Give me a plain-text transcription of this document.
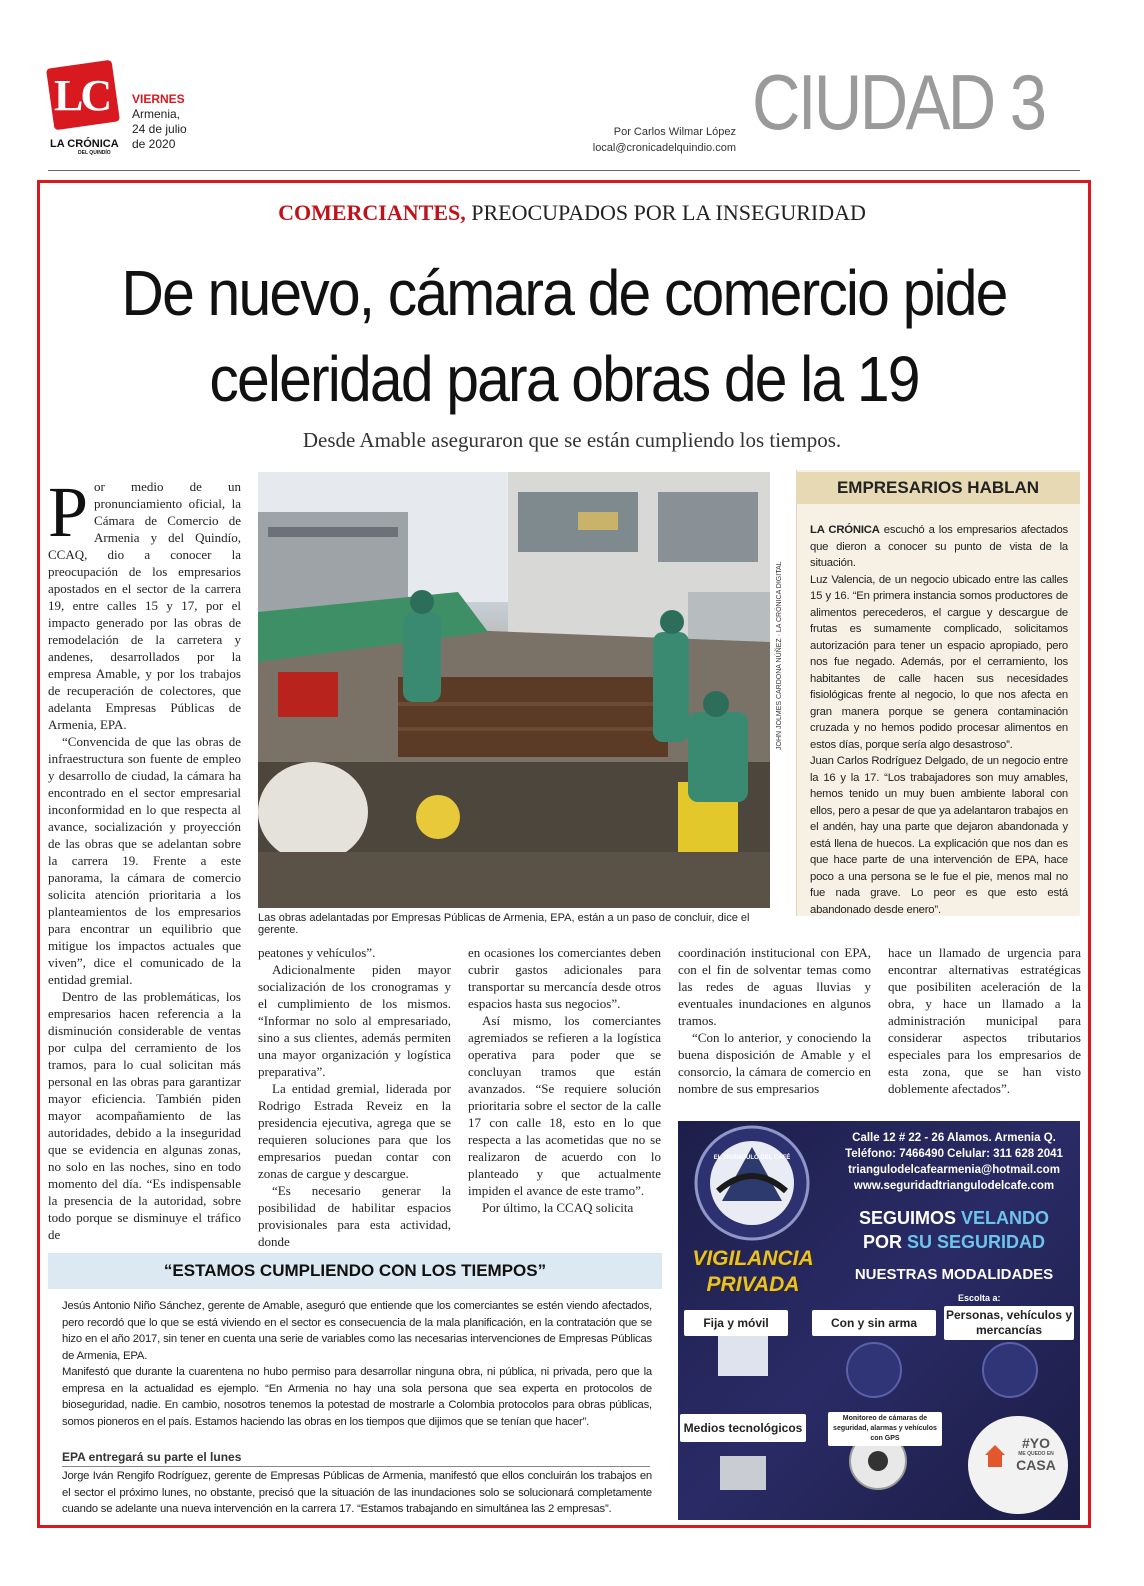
LC
LA CRÓNICA
DEL QUINDÍO
VIERNES
Armenia,
24 de julio
de 2020
Por Carlos Wilmar López
local@cronicadelquindio.com
CIUDAD 3
COMERCIANTES, PREOCUPADOS POR LA INSEGURIDAD
De nuevo, cámara de comercio pide
celeridad para obras de la 19
Desde Amable aseguraron que se están cumpliendo los tiempos.

Por medio de un pronunciamiento oficial, la Cámara de Comercio de Armenia y del Quindío, CCAQ, dio a conocer la preocupación de los empresarios apostados en el sector de la carrera 19, entre calles 15 y 17, por el impacto generado por las obras de remodelación de la carretera y andenes, desarrollados por la empresa Amable, y por los trabajos de recuperación de colectores, que adelanta Empresas Públicas de Armenia, EPA.

“Convencida de que las obras de infraestructura son fuente de empleo y desarrollo de ciudad, la cámara ha encontrado en el sector empresarial inconformidad en lo que respecta al avance, socialización y proyección de las obras que se adelantan sobre la carrera 19. Frente a este panorama, la cámara de comercio solicita atención prioritaria a los planteamientos de los empresarios para encontrar un equilibrio que mitigue los impactos actuales que viven”, dice el comunicado de la entidad gremial.

Dentro de las problemáticas, los empresarios hacen referencia a la disminución considerable de ventas por culpa del cerramiento de los tramos, para lo cual solicitan más personal en las obras para garantizar mayor eficiencia. También piden mayor acompañamiento de las autoridades, debido a la inseguridad que se evidencia en algunas zonas, no solo en las noches, sino en todo momento del día. “Es indispensable la presencia de la autoridad, sobre todo porque se disminuye el tráfico de

JOHN JOLMES CARDONA NÚÑEZ · LA CRÓNICA DIGITAL
Las obras adelantadas por Empresas Públicas de Armenia, EPA, están a un paso de concluir, dice el gerente.
EMPRESARIOS HABLAN

LA CRÓNICA escuchó a los empresarios afectados que dieron a conocer su punto de vista de la situación.

Luz Valencia, de un negocio ubicado entre las calles 15 y 16. “En primera instancia somos productores de alimentos perecederos, el cargue y descargue de frutas es sumamente complicado, solicitamos autorización para tener un espacio apropiado, pero nos fue negado. Además, por el cerramiento, los habitantes de calle hacen sus necesidades fisiológicas frente al negocio, lo que nos afecta en gran manera porque se genera contaminación cruzada y no hemos podido procesar alimentos en estos días, porque sería algo desastroso”.

Juan Carlos Rodríguez Delgado, de un negocio entre la 16 y la 17. “Los trabajadores son muy amables, hemos tenido un muy buen ambiente laboral con ellos, pero a pesar de que ya adelantaron trabajos en el andén, hay una parte que dejaron abandonada y está llena de huecos. La explicación que nos dan es que hace parte de una intervención de EPA, hace poco a una persona se le fue el pie, menos mal no fue nada grave. Lo peor es que esto está abandonado desde enero”.

peatones y vehículos”.

Adicionalmente piden mayor socialización de los cronogramas y el cumplimiento de los mismos. “Informar no solo al empresariado, sino a sus clientes, además permiten una mayor organización y logística preparativa”.

La entidad gremial, liderada por Rodrigo Estrada Reveiz en la presidencia ejecutiva, agrega que se requieren soluciones para que los empresarios puedan contar con zonas de cargue y descargue.

“Es necesario generar la posibilidad de habilitar espacios provisionales para esta actividad, donde

en ocasiones los comerciantes deben cubrir gastos adicionales para transportar su mercancía desde otros espacios hasta sus negocios”.

Así mismo, los comerciantes agremiados se refieren a la logística operativa para poder que se concluyan tramos que están avanzados. “Se requiere solución prioritaria sobre el sector de la calle 17 con calle 18, esto en lo que respecta a las acometidas que no se realizaron de acuerdo con lo planteado y que actualmente impiden el avance de este tramo”.

Por último, la CCAQ solicita

coordinación institucional con EPA, con el fin de solventar temas como las redes de aguas lluvias y eventuales inundaciones en algunos tramos.

“Con lo anterior, y conociendo la buena disposición de Amable y el consorcio, la cámara de comercio en nombre de sus empresarios

hace un llamado de urgencia para encontrar alternativas estratégicas que posibiliten aceleración de la obra, y hace un llamado a la administración municipal para considerar aspectos tributarios especiales para los empresarios de esta zona, que se han visto doblemente afectados”.

“ESTAMOS CUMPLIENDO CON LOS TIEMPOS”

Jesús Antonio Niño Sánchez, gerente de Amable, aseguró que entiende que los comerciantes se estén viendo afectados, pero recordó que lo que se está viviendo en el sector es consecuencia de la mala planificación, en la contratación que se hizo en el año 2017, sin tener en cuenta una serie de variables como las necesarias intervenciones de Empresas Públicas de Armenia, EPA.

Manifestó que durante la cuarentena no hubo permiso para desarrollar ninguna obra, ni pública, ni privada, pero que la empresa en la actualidad es ejemplo. “En Armenia no hay una sola persona que sea experta en protocolos de bioseguridad, nadie. En cambio, nosotros tenemos la potestad de mostrarle a Colombia protocolos para obras públicas, somos pioneros en el país. Estamos haciendo las obras en los tiempos que dijimos que se tenían que hacer”.

EPA entregará su parte el lunes

Jorge Iván Rengifo Rodríguez, gerente de Empresas Públicas de Armenia, manifestó que ellos concluirán los trabajos en el sector el próximo lunes, no obstante, precisó que la situación de las inundaciones solo se solucionará completamente cuando se adelante una nueva intervención en la carrera 17. “Estamos trabajando en simultánea las 2 empresas”.

EL TRIÁNGULO DEL CAFÉ
Calle 12 # 22 - 26 Alamos. Armenia Q.
Teléfono: 7466490 Celular: 311 628 2041
triangulodelcafearmenia@hotmail.com
www.seguridadtriangulodelcafe.com
SEGUIMOS VELANDO
POR SU SEGURIDAD
VIGILANCIA
PRIVADA	NUESTRAS MODALIDADES
Fija y móvil	Con y sin arma
Escolta a:
Personas, vehículos y mercancías
Medios tecnológicos
Monitoreo de cámaras de seguridad, alarmas y vehículos con GPS	#YO
ME QUEDO EN
CASA
